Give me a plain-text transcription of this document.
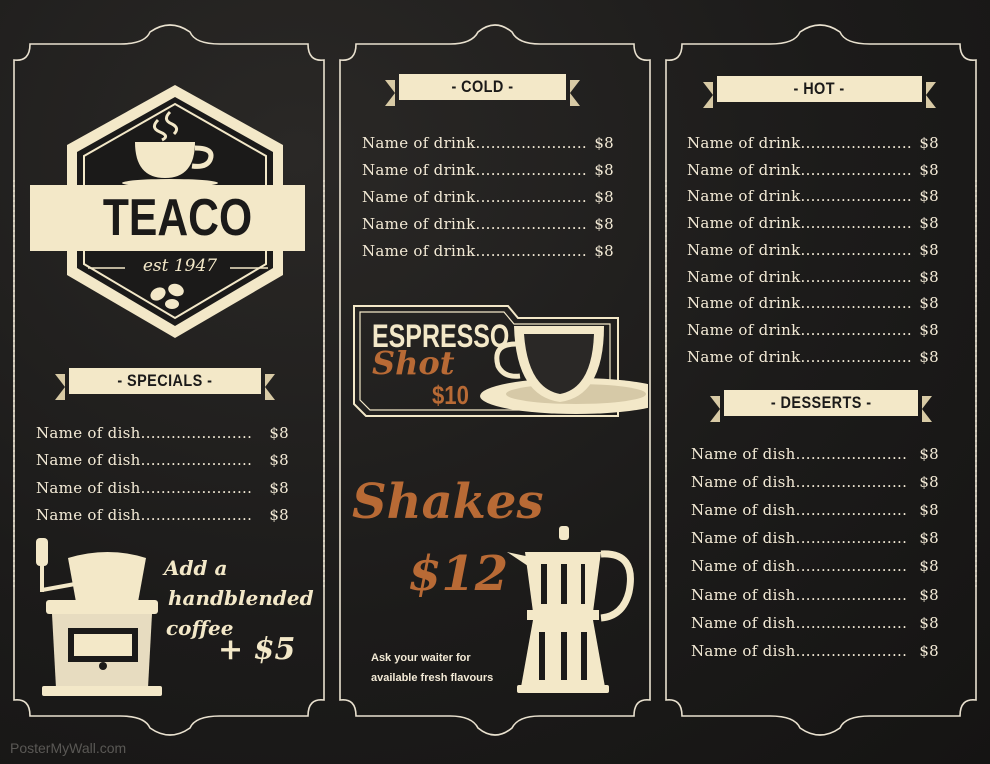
TEACO
est 1947
- SPECIALS -
Name of dish......................	$8
Name of dish......................	$8
Name of dish......................	$8
Name of dish......................	$8
Add a
handblended
coffee
+ $5
- COLD -
Name of drink...................... $8
Name of drink...................... $8
Name of drink...................... $8
Name of drink...................... $8
Name of drink...................... $8
ESPRESSO
Shot
$10
Shakes
$12
Ask your waiter for
available fresh flavours
- HOT -
Name of drink...................... $8
Name of drink...................... $8
Name of drink...................... $8
Name of drink...................... $8
Name of drink...................... $8
Name of drink...................... $8
Name of drink...................... $8
Name of drink...................... $8
Name of drink...................... $8
- DESSERTS -
Name of dish...................... $8
Name of dish...................... $8
Name of dish...................... $8
Name of dish...................... $8
Name of dish...................... $8
Name of dish...................... $8
Name of dish...................... $8
Name of dish...................... $8
PosterMyWall.com
